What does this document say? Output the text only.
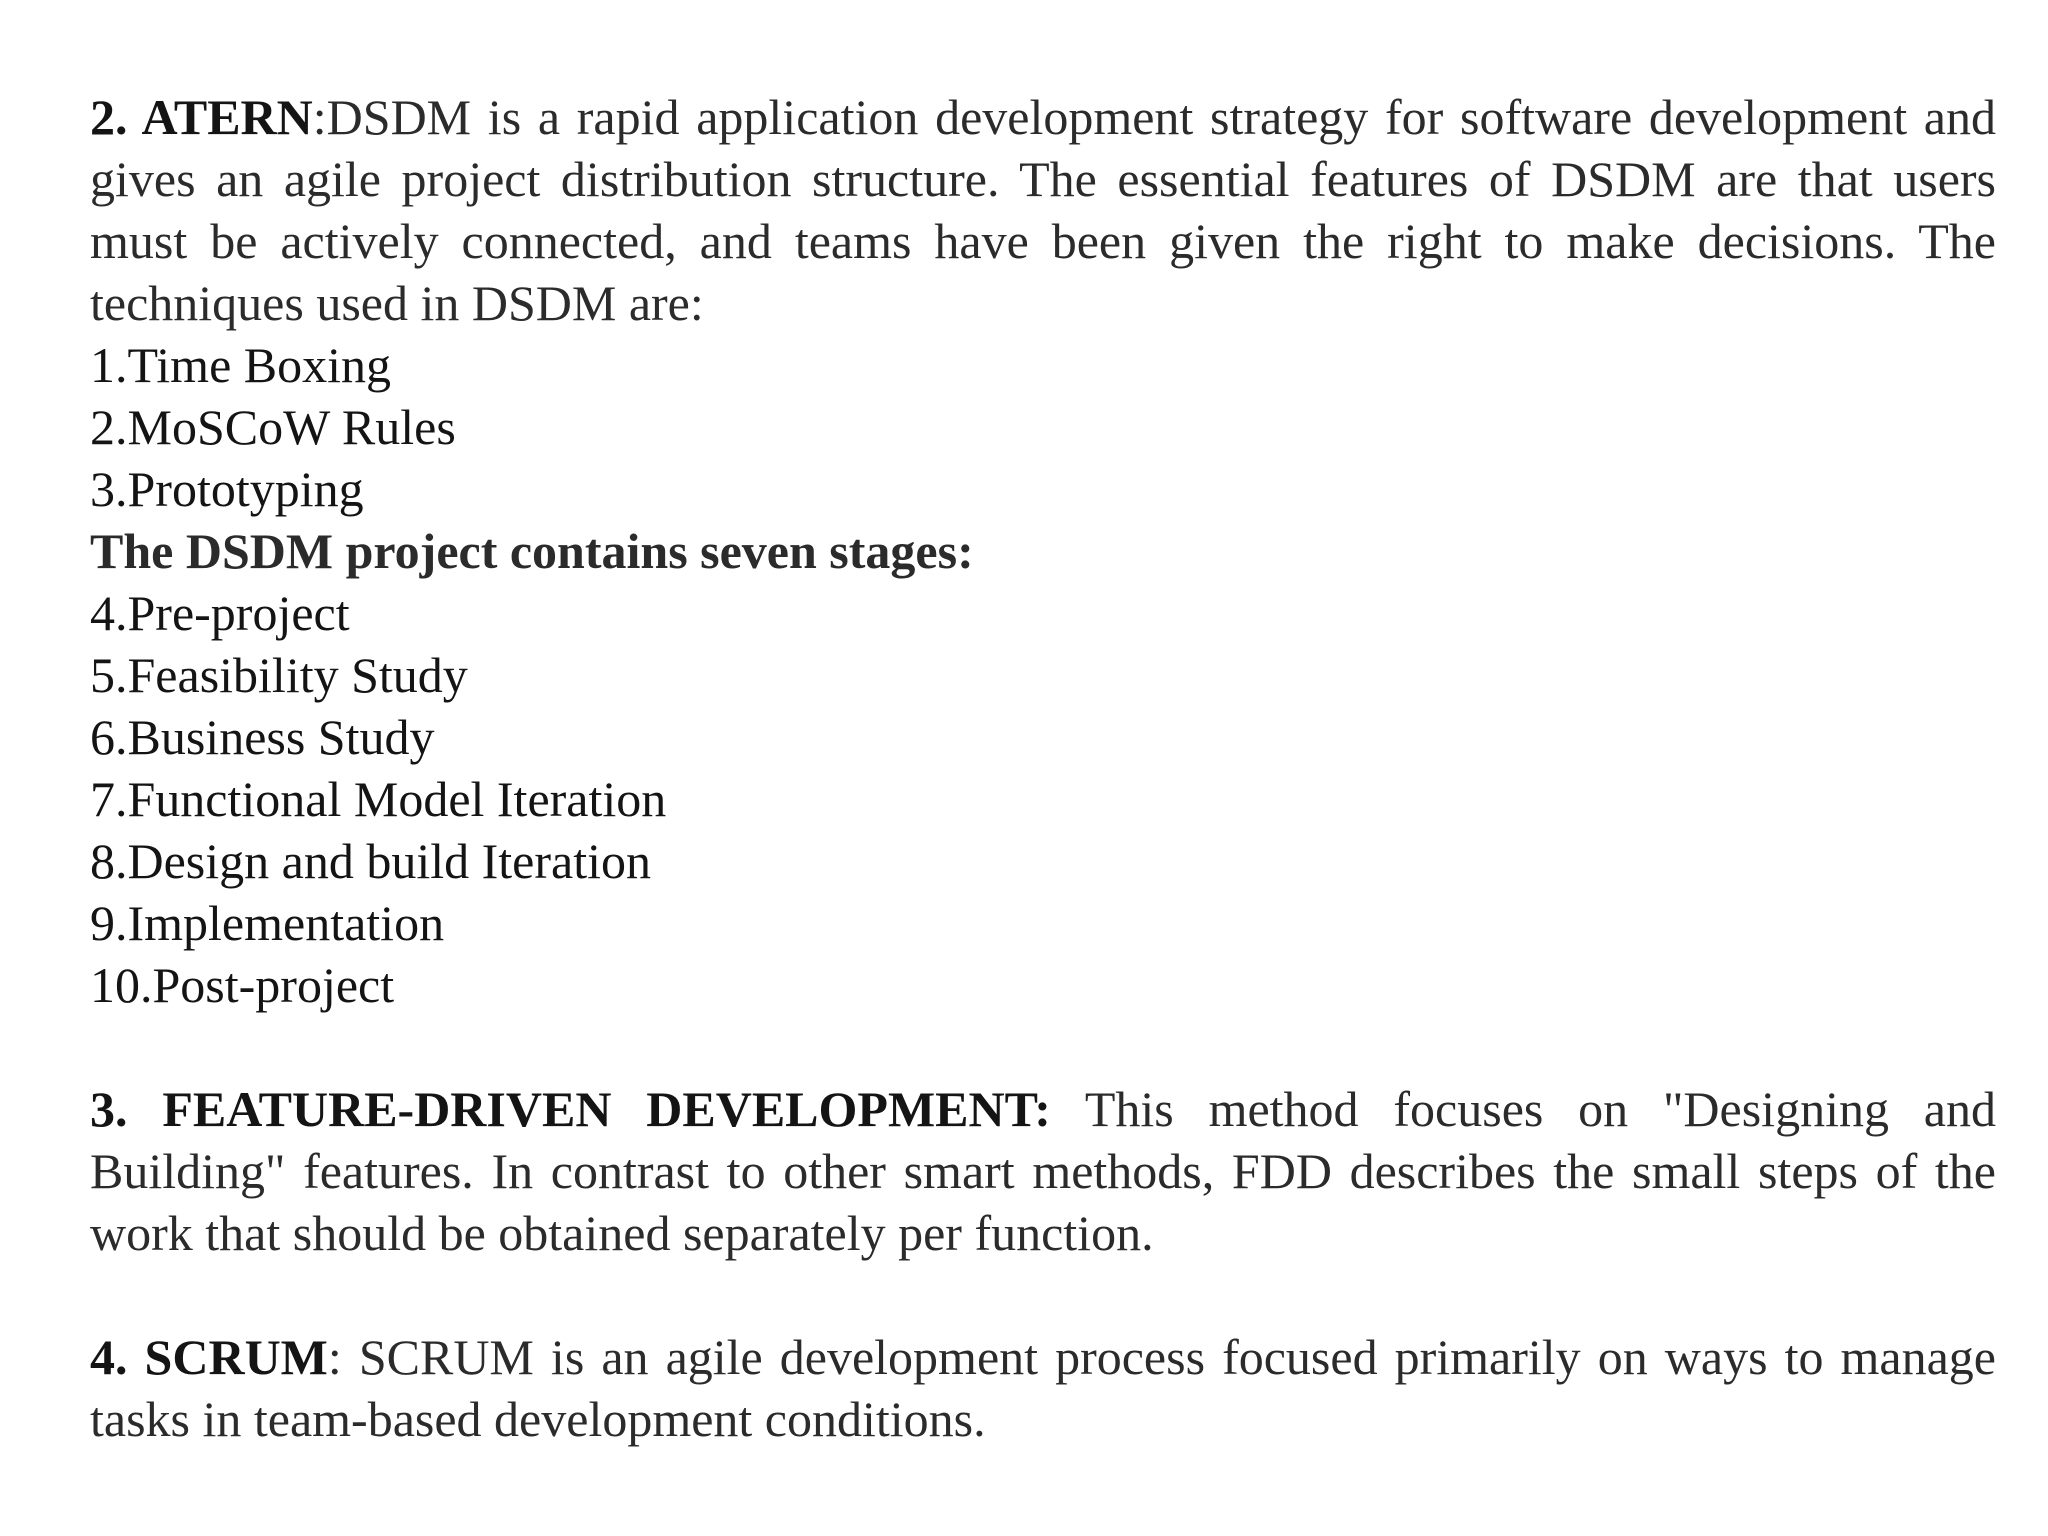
2. ATERN:DSDM is a rapid application development strategy for software development and gives an agile project distribution structure. The essential features of DSDM are that users must be actively connected, and teams have been given the right to make decisions. The techniques used in DSDM are:

1.Time Boxing
2.MoSCoW Rules
3.Prototyping

The DSDM project contains seven stages:

4.Pre-project
5.Feasibility Study
6.Business Study
7.Functional Model Iteration
8.Design and build Iteration
9.Implementation
10.Post-project

3. FEATURE-DRIVEN DEVELOPMENT: This method focuses on "Designing and Building" features. In contrast to other smart methods, FDD describes the small steps of the work that should be obtained separately per function.

4. SCRUM: SCRUM is an agile development process focused primarily on ways to manage tasks in team-based development conditions.
